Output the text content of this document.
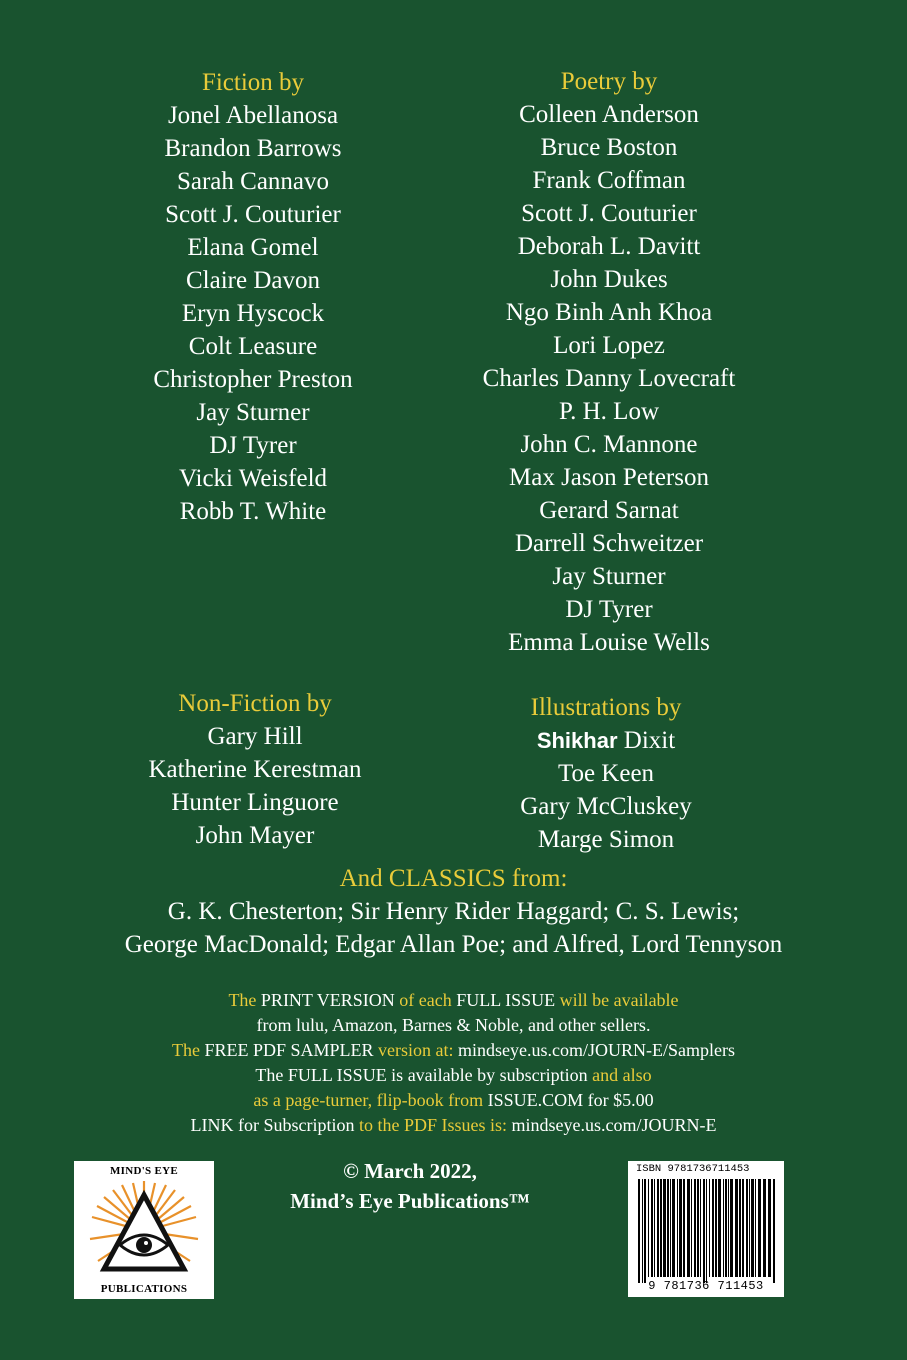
Fiction by
Jonel Abellanosa
Brandon Barrows
Sarah Cannavo
Scott J. Couturier
Elana Gomel
Claire Davon
Eryn Hyscock
Colt Leasure
Christopher Preston
Jay Sturner
DJ Tyrer
Vicki Weisfeld
Robb T. White
Poetry by
Colleen Anderson
Bruce Boston
Frank Coffman
Scott J. Couturier
Deborah L. Davitt
John Dukes
Ngo Binh Anh Khoa
Lori Lopez
Charles Danny Lovecraft
P. H. Low
John C. Mannone
Max Jason Peterson
Gerard Sarnat
Darrell Schweitzer
Jay Sturner
DJ Tyrer
Emma Louise Wells
Non-Fiction by
Gary Hill
Katherine Kerestman
Hunter Linguore
John Mayer
Illustrations by
Shikhar Dixit
Toe Keen
Gary McCluskey
Marge Simon
And CLASSICS from:
G. K. Chesterton; Sir Henry Rider Haggard; C. S. Lewis;
George MacDonald; Edgar Allan Poe; and Alfred, Lord Tennyson
The PRINT VERSION of each FULL ISSUE will be available
from lulu, Amazon, Barnes & Noble, and other sellers.
The FREE PDF SAMPLER version at: mindseye.us.com/JOURN-E/Samplers
The FULL ISSUE is available by subscription and also
as a page-turner, flip-book from ISSUE.COM for $5.00
LINK for Subscription to the PDF Issues is: mindseye.us.com/JOURN-E
© March 2022,
Mind’s Eye Publications™
MIND'S EYE
PUBLICATIONS
ISBN 9781736711453
9 781736 711453
